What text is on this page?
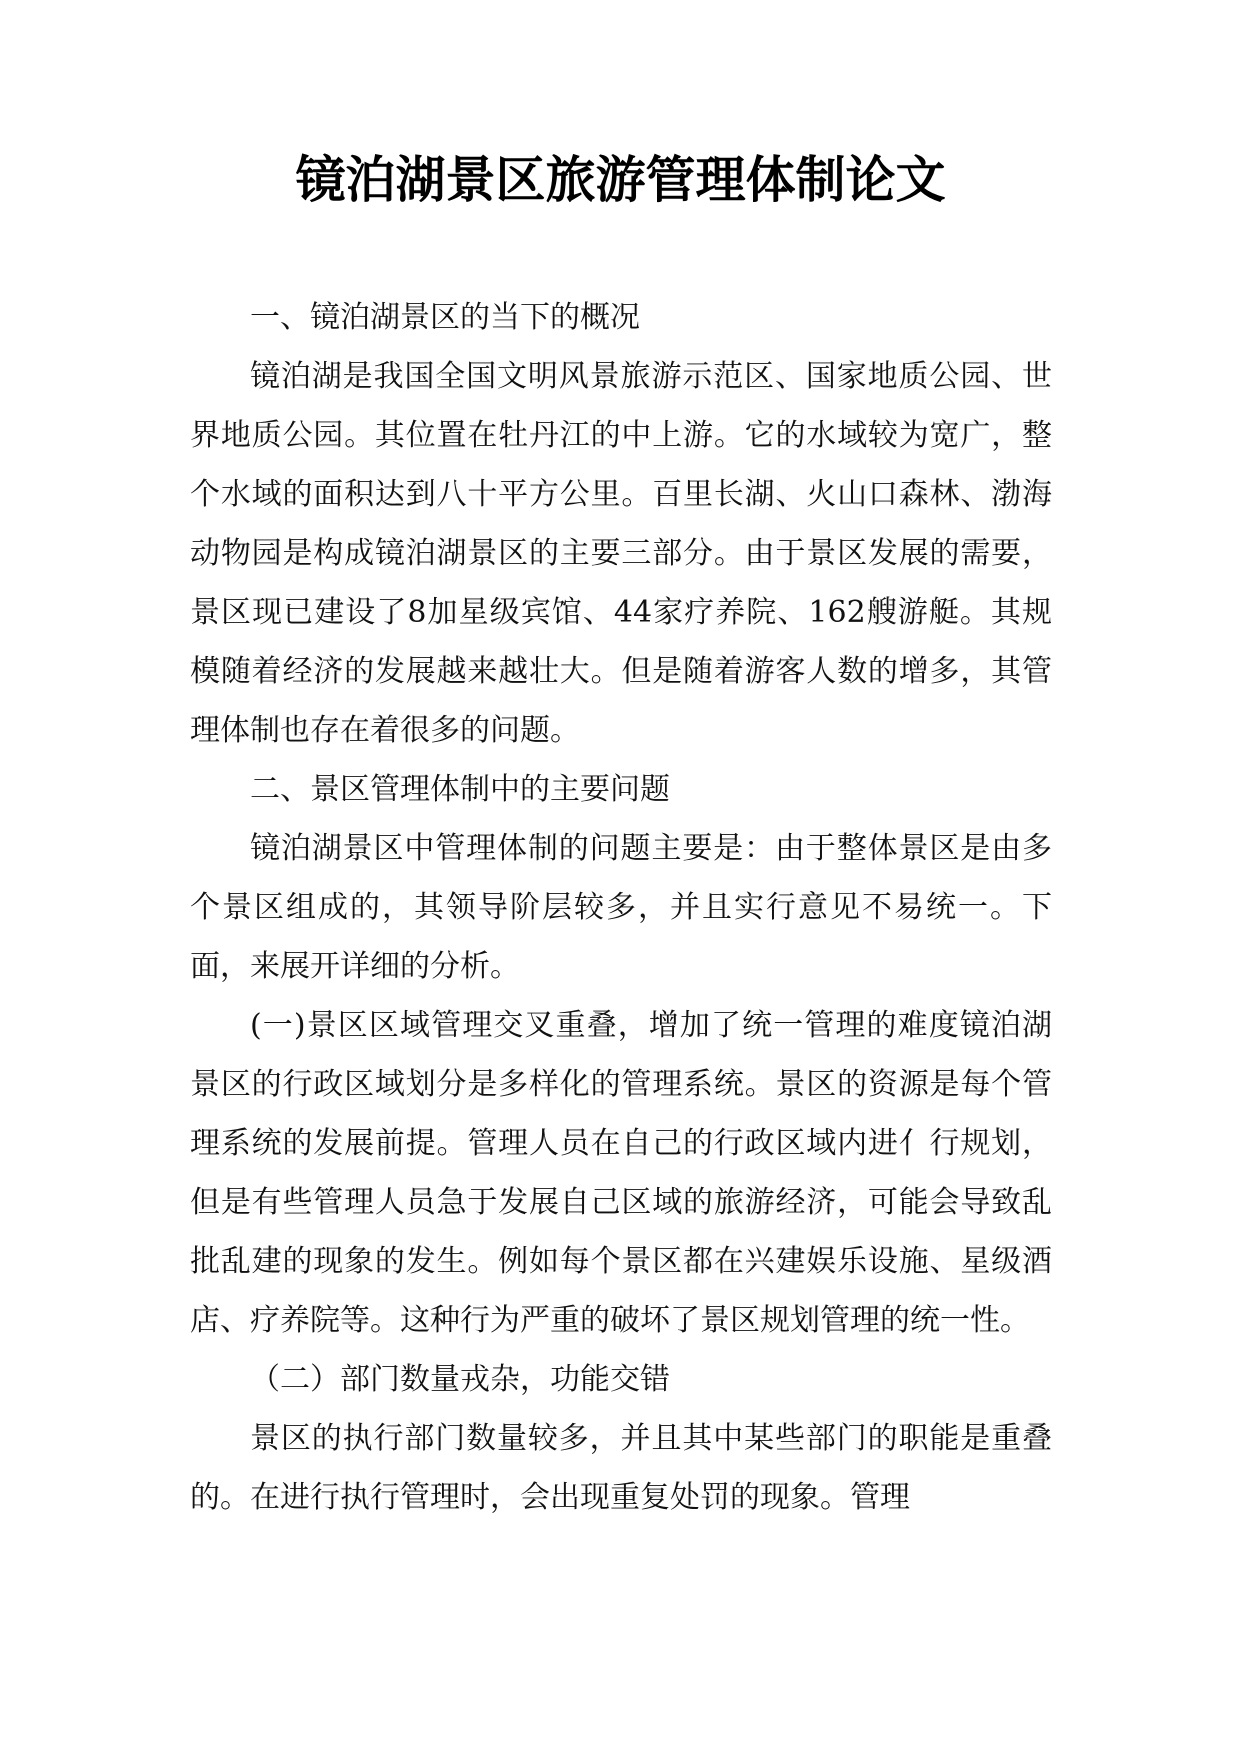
镜泊湖景区旅游管理体制论文

一、镜泊湖景区的当下的概况

镜泊湖是我国全国文明风景旅游示范区、国家地质公园、世界地质公园。其位置在牡丹江的中上游。它的水域较为宽广，整个水域的面积达到八十平方公里。百里长湖、火山口森林、渤海动物园是构成镜泊湖景区的主要三部分。由于景区发展的需要，景区现已建设了8加星级宾馆、44家疗养院、162艘游艇。其规模随着经济的发展越来越壮大。但是随着游客人数的增多，其管理体制也存在着很多的问题。

二、景区管理体制中的主要问题

镜泊湖景区中管理体制的问题主要是：由于整体景区是由多个景区组成的，其领导阶层较多，并且实行意见不易统一。下面，来展开详细的分析。

(一)景区区域管理交叉重叠，增加了统一管理的难度镜泊湖景区的行政区域划分是多样化的管理系统。景区的资源是每个管理系统的发展前提。管理人员在自己的行政区域内进亻行规划，但是有些管理人员急于发展自己区域的旅游经济，可能会导致乱批乱建的现象的发生。例如每个景区都在兴建娱乐设施、星级酒店、疗养院等。这种行为严重的破坏了景区规划管理的统一性。

（二）部门数量戎杂，功能交错

景区的执行部门数量较多，并且其中某些部门的职能是重叠的。在进行执行管理时，会出现重复处罚的现象。管理
